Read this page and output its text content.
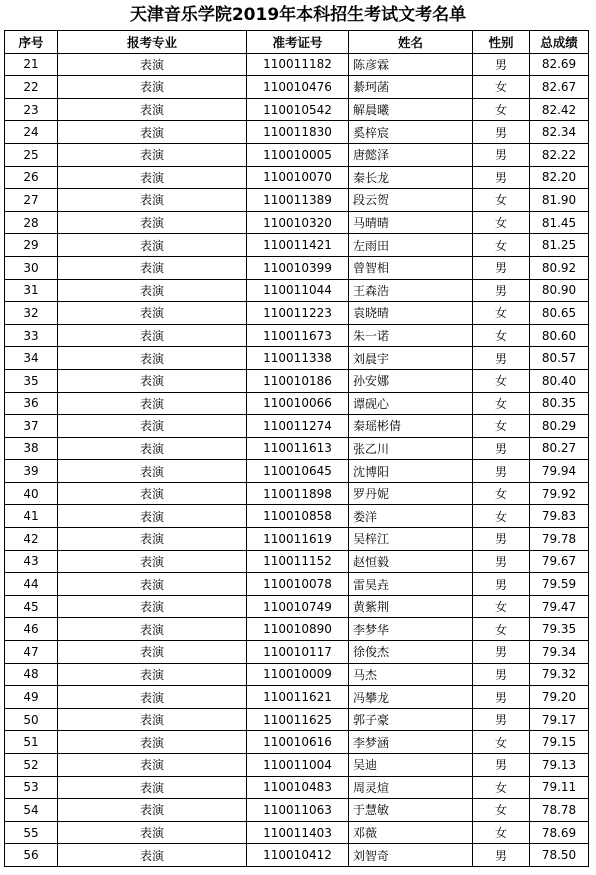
天津音乐学院2019年本科招生考试文考名单
序号	报考专业	准考证号	姓名	性别	总成绩
21	表演	110011182	陈彦霖	男	82.69
22	表演	110010476	綦珂菡	女	82.67
23	表演	110010542	解晨曦	女	82.42
24	表演	110011830	奚梓宸	男	82.34
25	表演	110010005	唐懿泽	男	82.22
26	表演	110010070	秦长龙	男	82.20
27	表演	110011389	段云贺	女	81.90
28	表演	110010320	马晴晴	女	81.45
29	表演	110011421	左雨田	女	81.25
30	表演	110010399	曾智相	男	80.92
31	表演	110011044	王森浩	男	80.90
32	表演	110011223	袁晓晴	女	80.65
33	表演	110011673	朱一诺	女	80.60
34	表演	110011338	刘晨宇	男	80.57
35	表演	110010186	孙安娜	女	80.40
36	表演	110010066	谭砚心	女	80.35
37	表演	110011274	秦瑶彬倩	女	80.29
38	表演	110011613	张乙川	男	80.27
39	表演	110010645	沈博阳	男	79.94
40	表演	110011898	罗丹妮	女	79.92
41	表演	110010858	娄洋	女	79.83
42	表演	110011619	吴梓江	男	79.78
43	表演	110011152	赵恒毅	男	79.67
44	表演	110010078	雷昊垚	男	79.59
45	表演	110010749	黄紫荆	女	79.47
46	表演	110010890	李梦华	女	79.35
47	表演	110010117	徐俊杰	男	79.34
48	表演	110010009	马杰	男	79.32
49	表演	110011621	冯攀龙	男	79.20
50	表演	110011625	郭子豪	男	79.17
51	表演	110010616	李梦涵	女	79.15
52	表演	110011004	吴迪	男	79.13
53	表演	110010483	周灵煊	女	79.11
54	表演	110011063	于慧敏	女	78.78
55	表演	110011403	邓薇	女	78.69
56	表演	110010412	刘智奇	男	78.50
